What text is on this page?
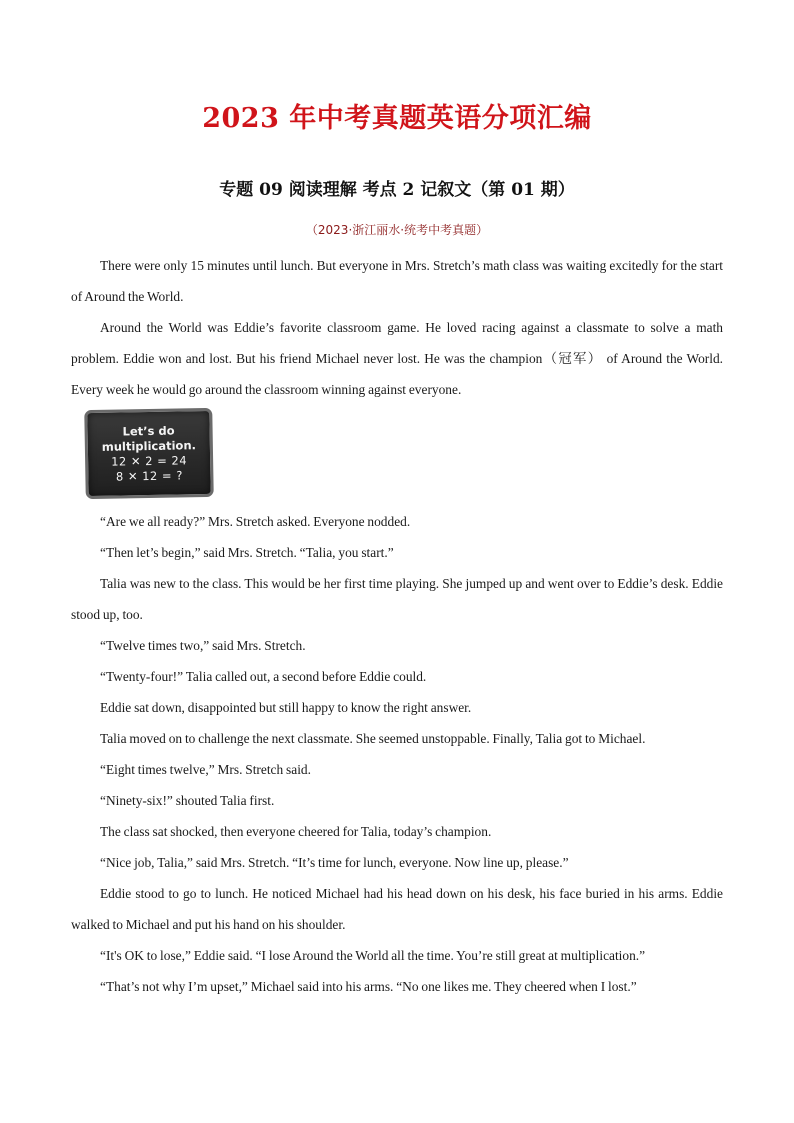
2023 年中考真题英语分项汇编
专题 09 阅读理解 考点 2 记叙文（第 01 期）

（2023·浙江丽水·统考中考真题）

There were only 15 minutes until lunch. But everyone in Mrs. Stretch’s math class was waiting excitedly for the start of Around the World.

Around the World was Eddie’s favorite classroom game. He loved racing against a classmate to solve a math problem. Eddie won and lost. But his friend Michael never lost. He was the champion（冠军） of Around the World. Every week he would go around the classroom winning against everyone.

Let’s do
multiplication.
12 ✕ 2 = 24
8 ✕ 12 = ?

“Are we all ready?” Mrs. Stretch asked. Everyone nodded.

“Then let’s begin,” said Mrs. Stretch. “Talia, you start.”

Talia was new to the class. This would be her first time playing. She jumped up and went over to Eddie’s desk. Eddie stood up, too.

“Twelve times two,” said Mrs. Stretch.

“Twenty-four!” Talia called out, a second before Eddie could.

Eddie sat down, disappointed but still happy to know the right answer.

Talia moved on to challenge the next classmate. She seemed unstoppable. Finally, Talia got to Michael.

“Eight times twelve,” Mrs. Stretch said.

“Ninety-six!” shouted Talia first.

The class sat shocked, then everyone cheered for Talia, today’s champion.

“Nice job, Talia,” said Mrs. Stretch. “It’s time for lunch, everyone. Now line up, please.”

Eddie stood to go to lunch. He noticed Michael had his head down on his desk, his face buried in his arms. Eddie walked to Michael and put his hand on his shoulder.

“It's OK to lose,” Eddie said. “I lose Around the World all the time. You’re still great at multiplication.”

“That’s not why I’m upset,” Michael said into his arms. “No one likes me. They cheered when I lost.”
